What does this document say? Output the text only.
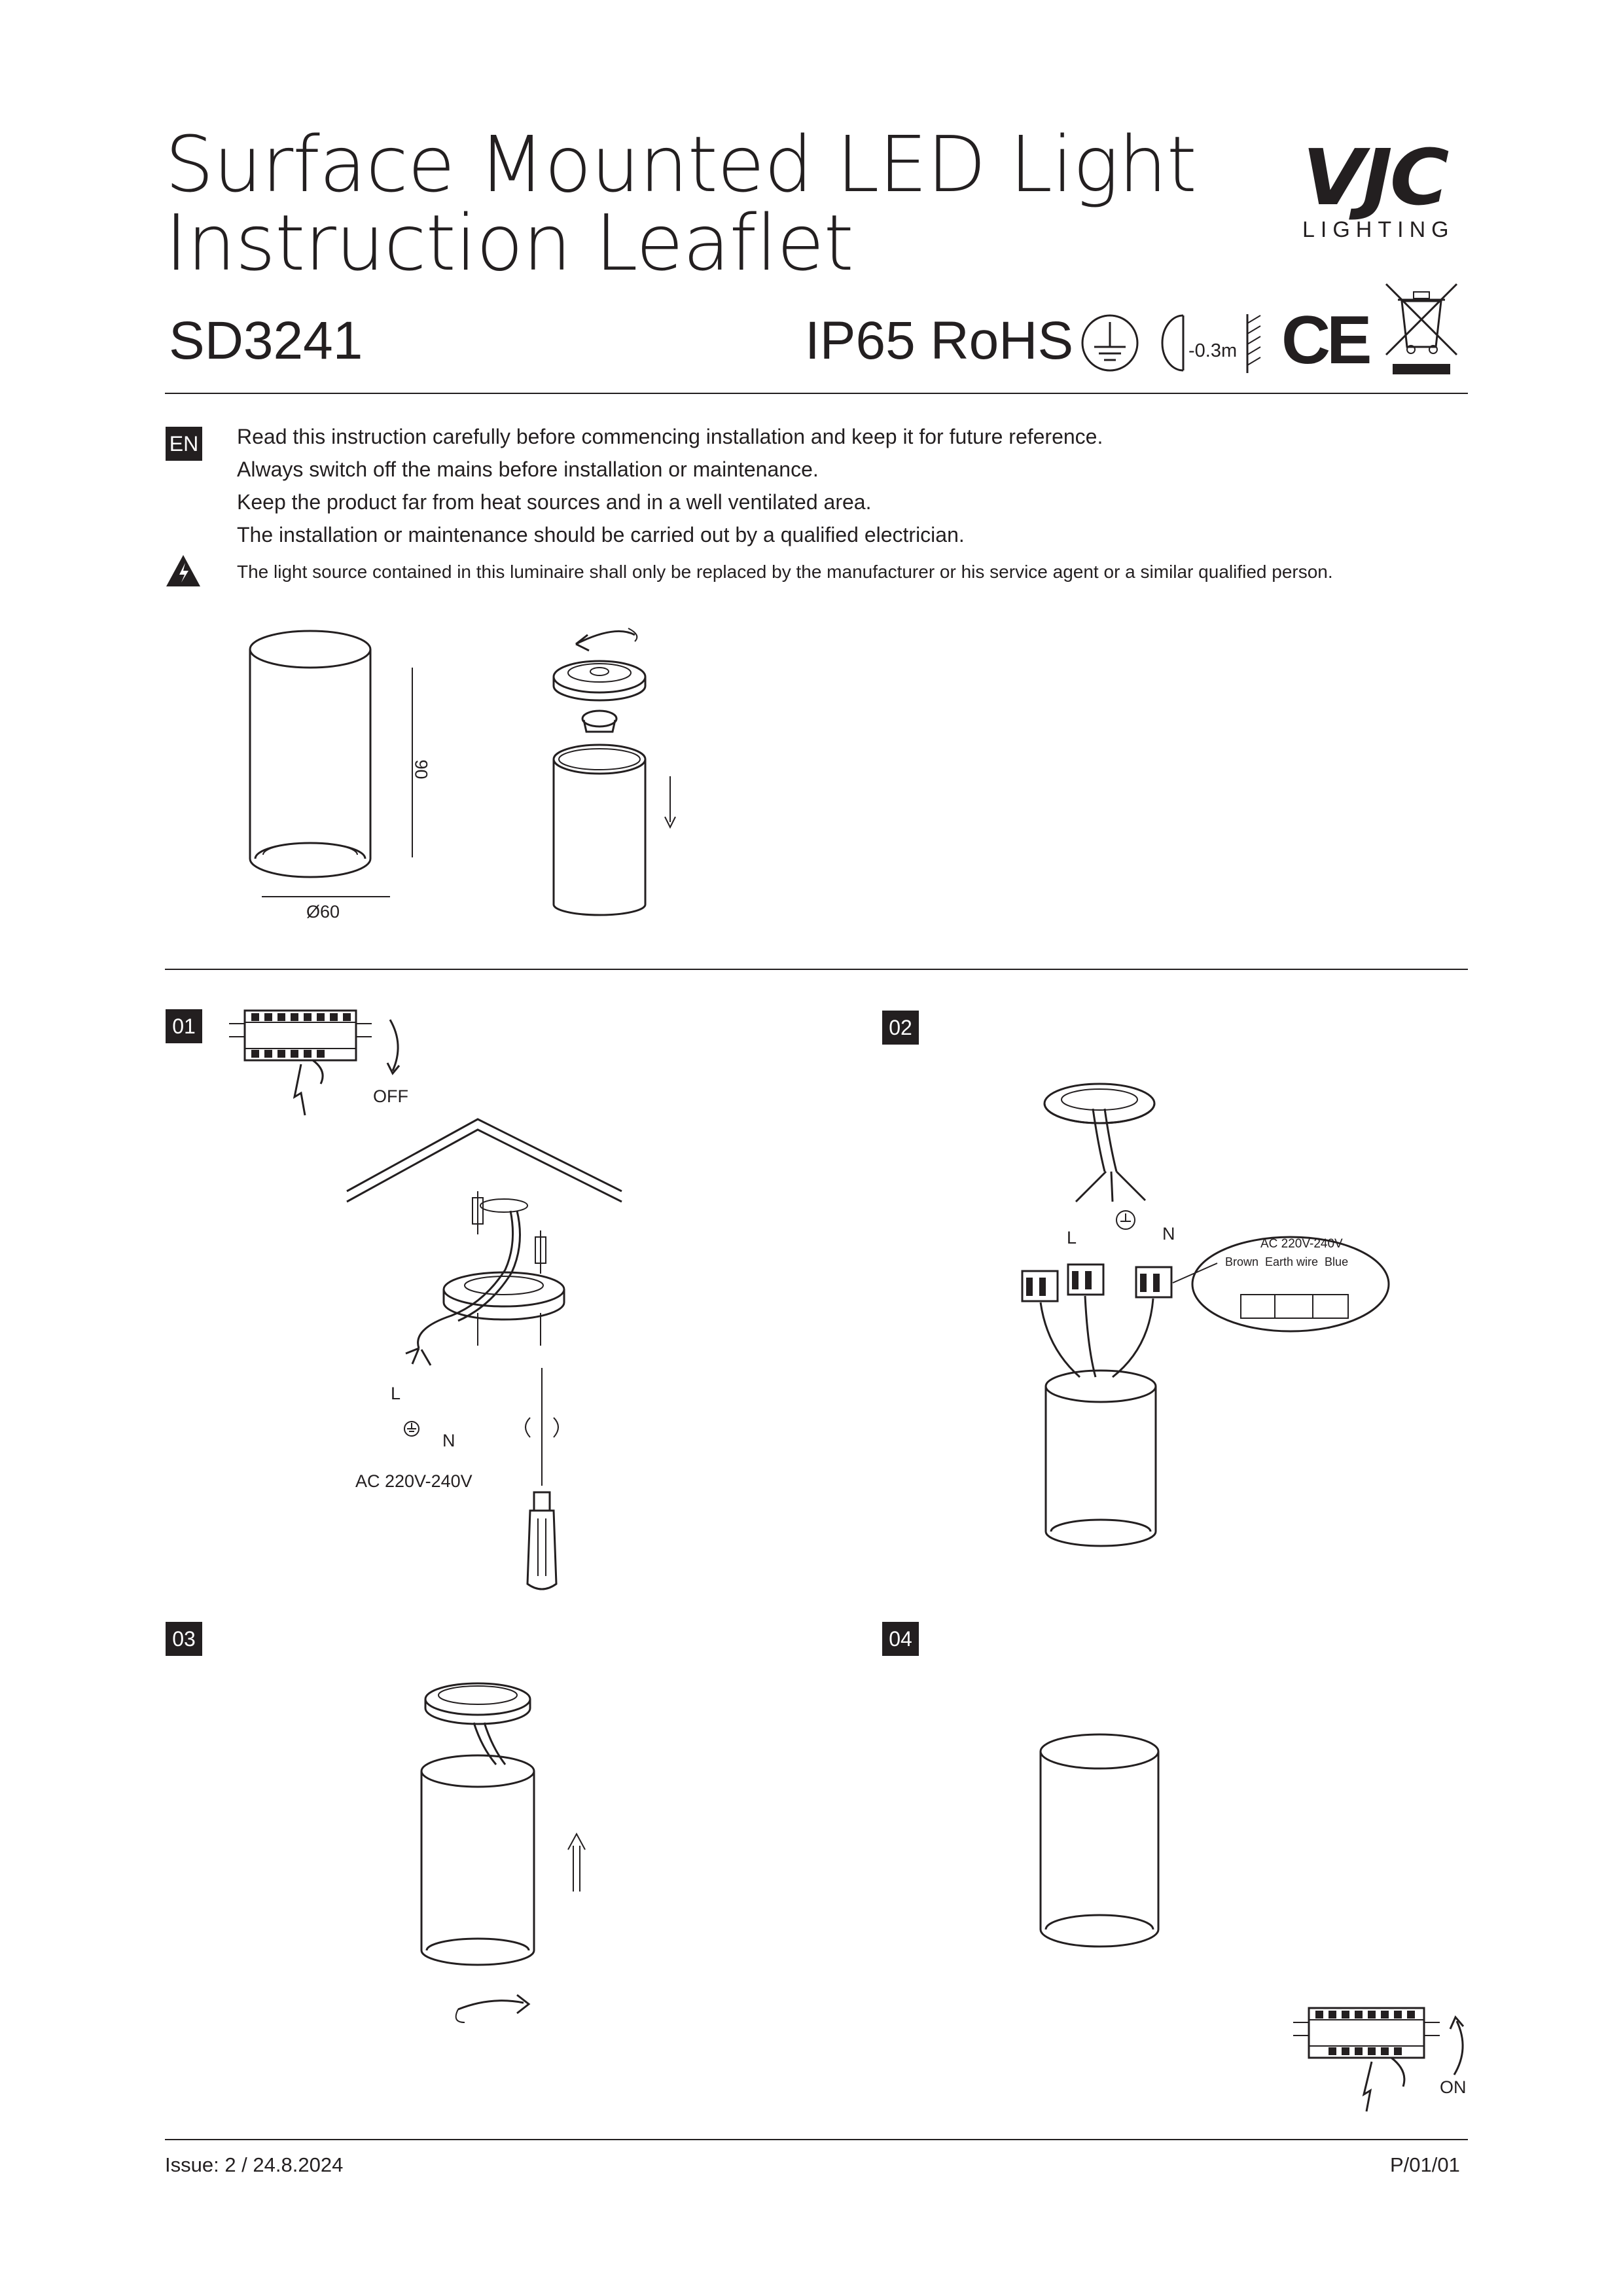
Surface Mounted LED Light
Instruction Leaflet
VJC
LIGHTING
SD3241	IP65 RoHS	-0.3m CE
EN Read this instruction carefully before commencing installation and keep it for future reference.
Always switch off the mains before installation or maintenance.
Keep the product far from heat sources and in a well ventilated area.
The installation or maintenance should be carried out by a qualified electrician.
The light source contained in this luminaire shall only be replaced by the manufacturer or his service agent or a similar qualified person.
90
Ø60
01
OFF
L
N
AC 220V-240V
02
L	N
AC 220V-240V
Brown  Earth wire  Blue
03	04
ON
Issue: 2 / 24.8.2024	P/01/01
